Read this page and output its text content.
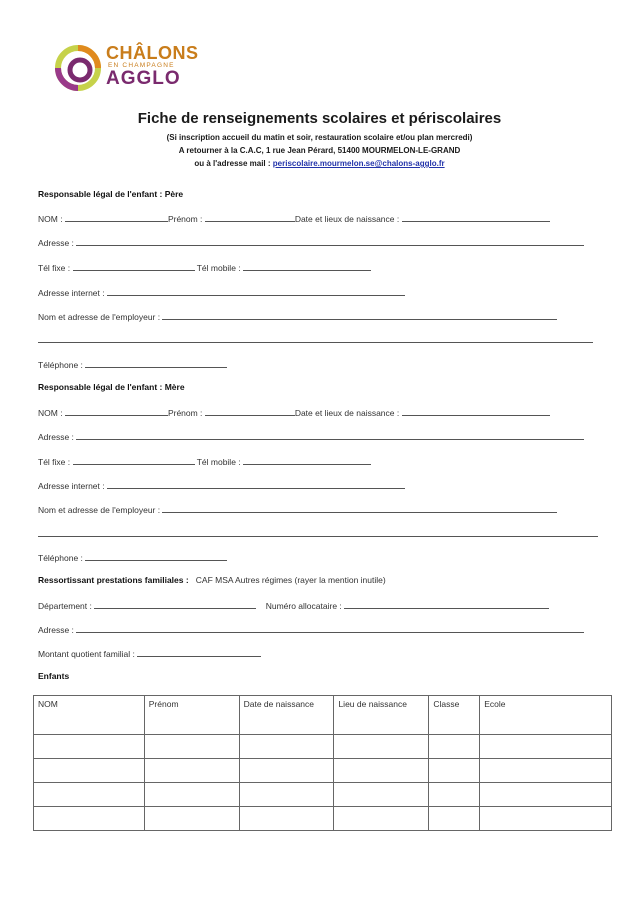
CHÂLONS
EN CHAMPAGNE
AGGLO
Fiche de renseignements scolaires et périscolaires
(Si inscription accueil du matin et soir, restauration scolaire et/ou plan mercredi)
A retourner à la C.A.C, 1 rue Jean Pérard, 51400 MOURMELON-LE-GRAND
ou à l'adresse mail : periscolaire.mourmelon.se@chalons-agglo.fr
Responsable légal de l'enfant : Père
NOM :	Prénom :	Date et lieux de naissance :
Adresse :
Tél fixe :	Tél mobile :
Adresse internet :
Nom et adresse de l'employeur :
Téléphone :
Responsable légal de l'enfant : Mère
NOM :	Prénom :	Date et lieux de naissance :
Adresse :
Tél fixe :	Tél mobile :
Adresse internet :
Nom et adresse de l'employeur :
Téléphone :
Ressortissant prestations familiales : CAF MSA Autres régimes (rayer la mention inutile)
Département :	Numéro allocataire :
Adresse :
Montant quotient familial :
Enfants
NOM	Prénom	Date de naissance	Lieu de naissance	Classe	Ecole
